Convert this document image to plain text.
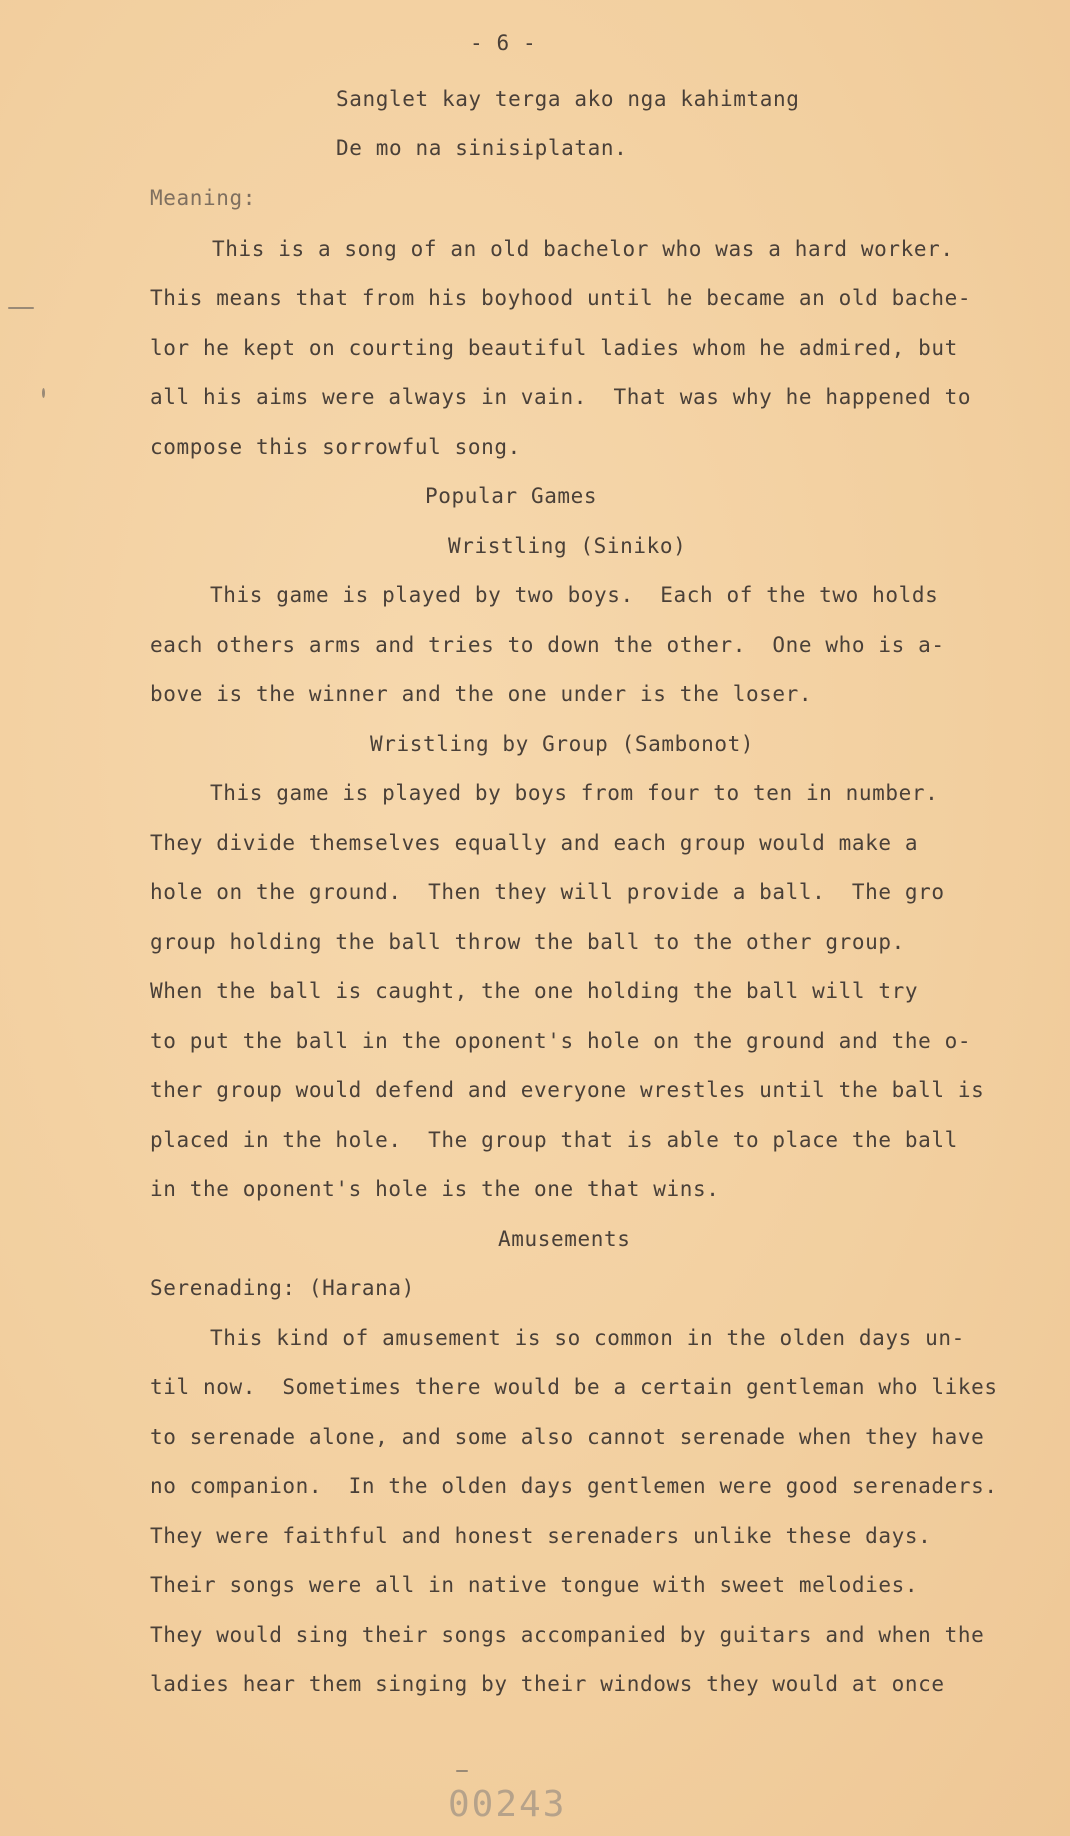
- 6 -
Sanglet kay terga ako nga kahimtang
De mo na sinisiplatan.
Meaning:
This is a song of an old bachelor who was a hard worker.
This means that from his boyhood until he became an old bache-
lor he kept on courting beautiful ladies whom he admired, but
all his aims were always in vain.  That was why he happened to
compose this sorrowful song.
Popular Games
Wristling (Siniko)
This game is played by two boys.  Each of the two holds
each others arms and tries to down the other.  One who is a-
bove is the winner and the one under is the loser.
Wristling by Group (Sambonot)
This game is played by boys from four to ten in number.
They divide themselves equally and each group would make a
hole on the ground.  Then they will provide a ball.  The gro
group holding the ball throw the ball to the other group.
When the ball is caught, the one holding the ball will try
to put the ball in the oponent's hole on the ground and the o-
ther group would defend and everyone wrestles until the ball is
placed in the hole.  The group that is able to place the ball
in the oponent's hole is the one that wins.
Amusements
Serenading: (Harana)
This kind of amusement is so common in the olden days un-
til now.  Sometimes there would be a certain gentleman who likes
to serenade alone, and some also cannot serenade when they have
no companion.  In the olden days gentlemen were good serenaders.
They were faithful and honest serenaders unlike these days.
Their songs were all in native tongue with sweet melodies.
They would sing their songs accompanied by guitars and when the
ladies hear them singing by their windows they would at once
00243
